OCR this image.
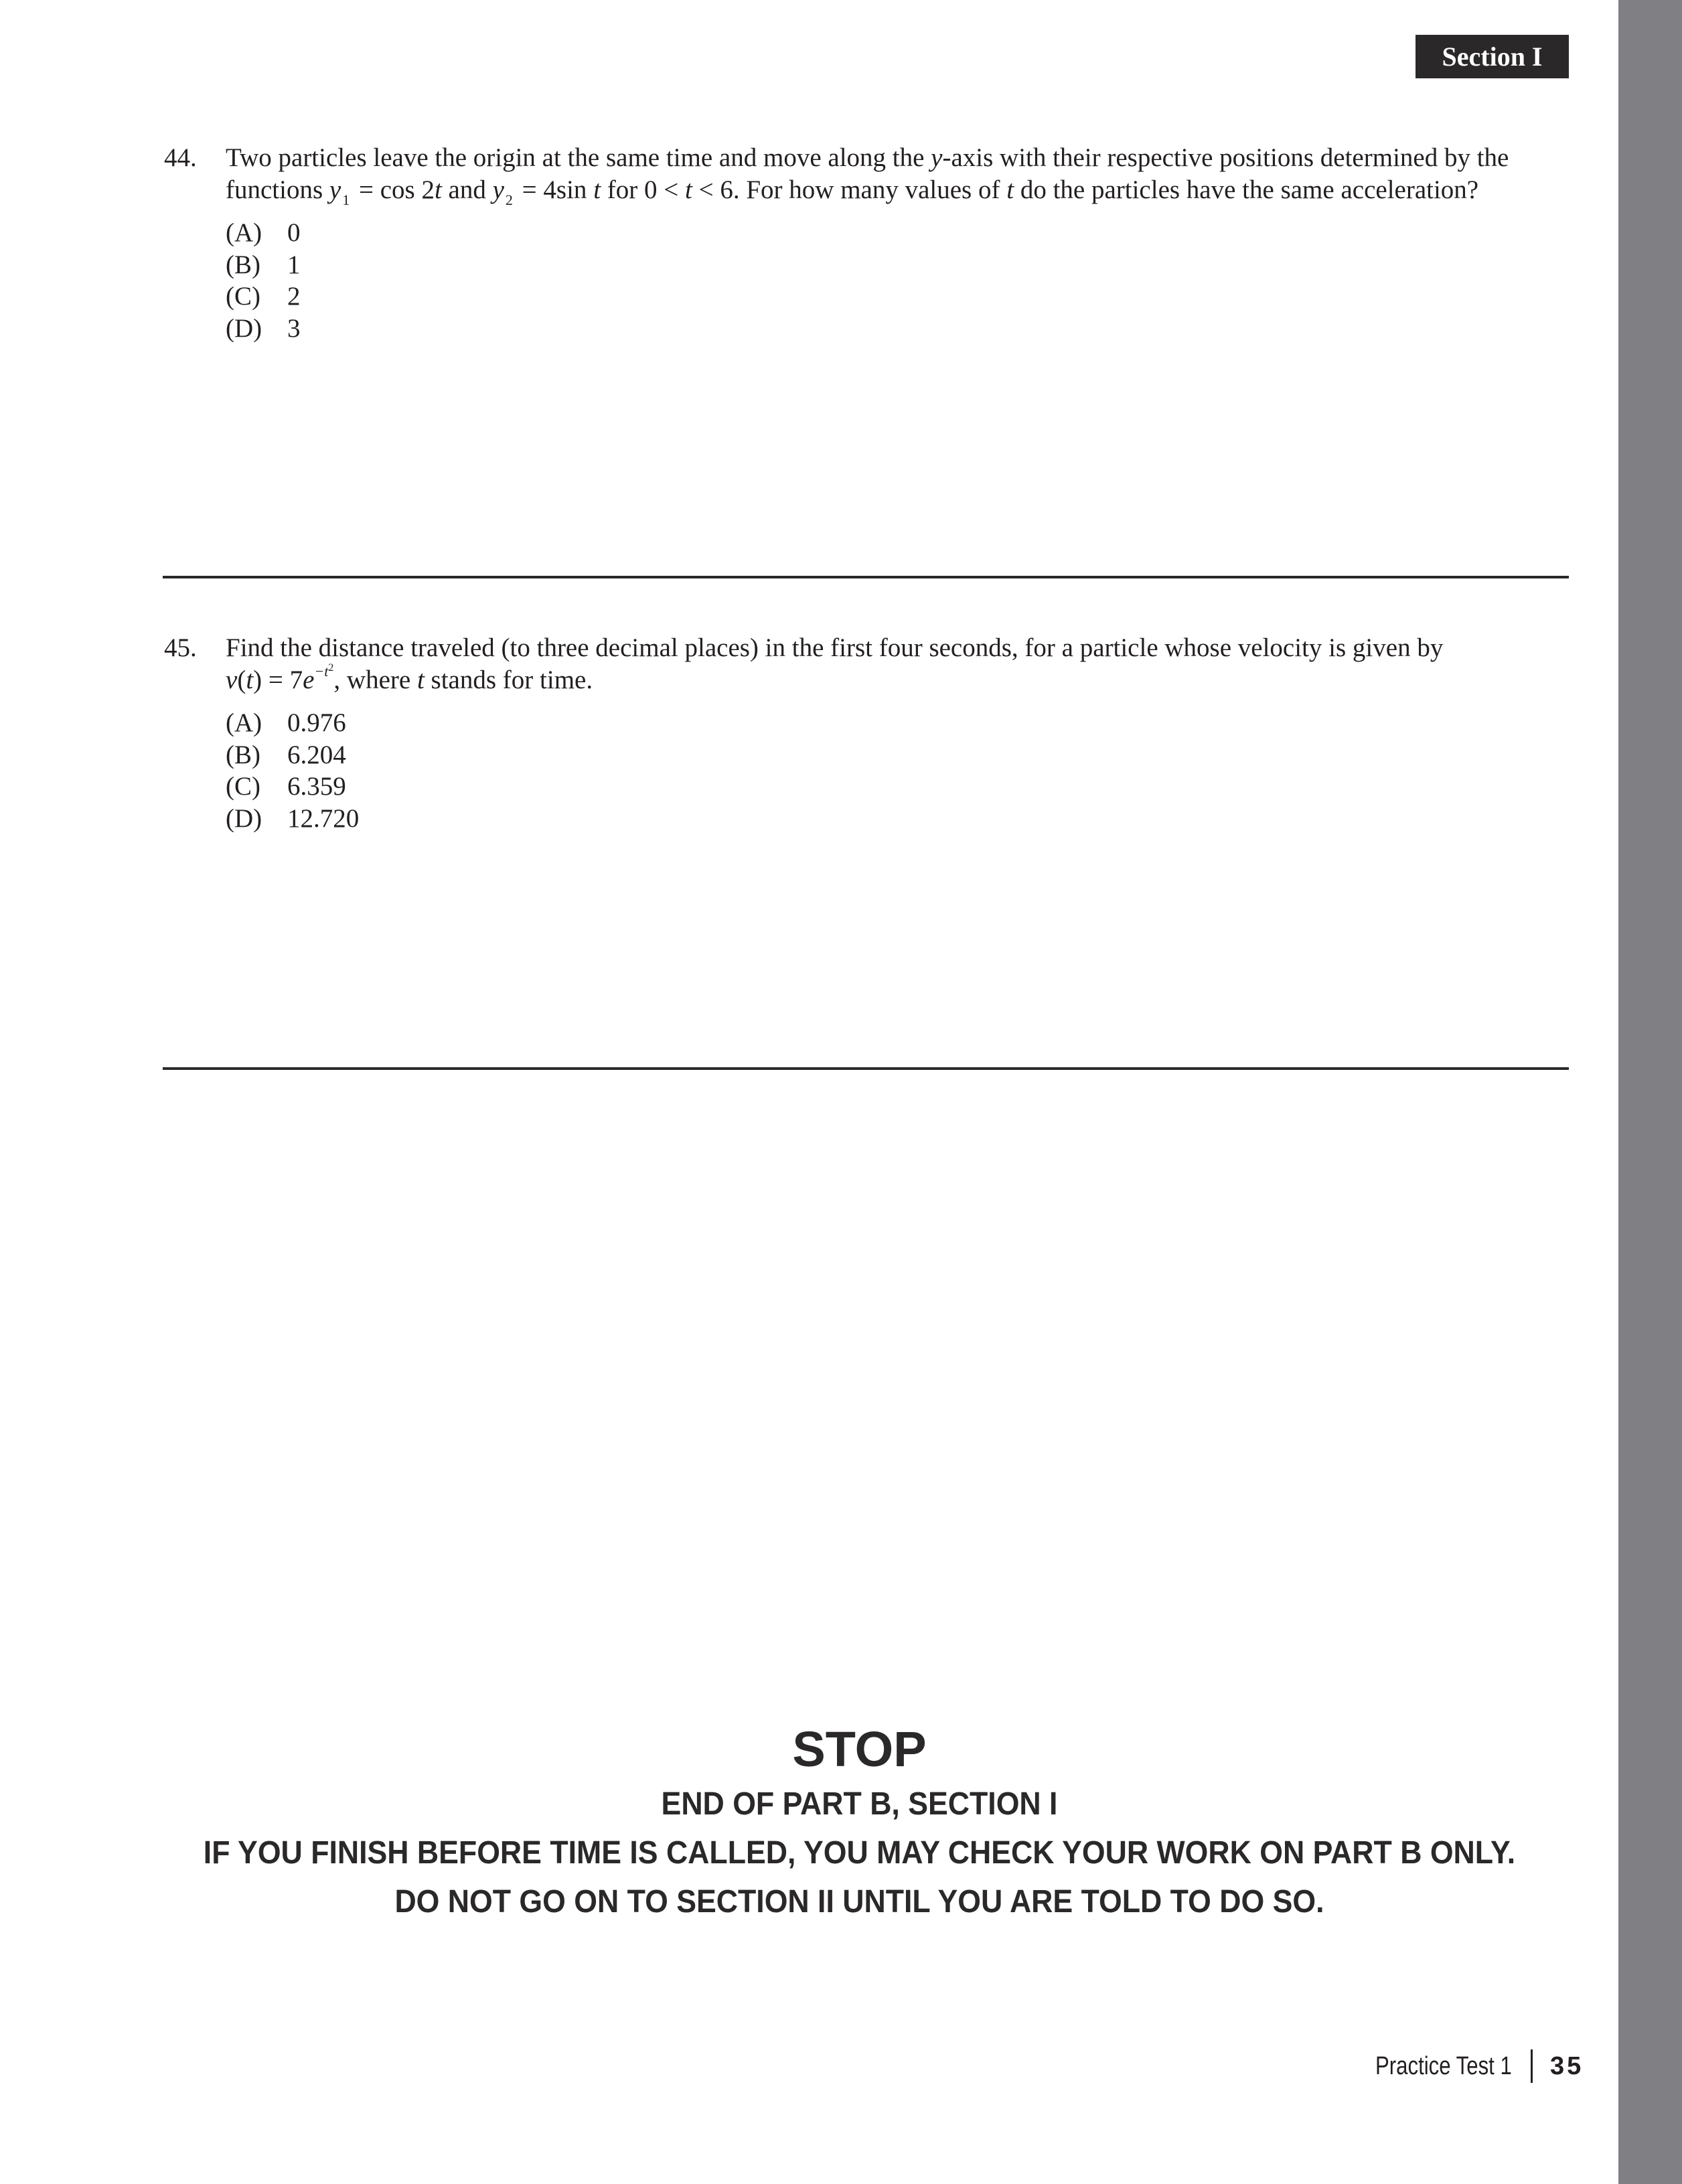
Section I
44. Two particles leave the origin at the same time and move along the y-axis with their respective positions determined by the
functions $y_1 = \cos 2t$ and $y_2 = 4\sin$ t for 0 < t < 6. For how many values of t do the particles have the same acceleration?
(A) 0
(B)	1
(C)	2
(D) 3
45. Find the distance traveled (to three decimal places) in the first four seconds, for a particle whose velocity is given by
$v(t) = 7e^{-t^2}$, where t stands for time.
(A) 0.976
(B)	6.204
(C)	6.359
(D) 12.720
STOP
END OF PART B, SECTION I
IF YOU FINISH BEFORE TIME IS CALLED, YOU MAY CHECK YOUR WORK ON PART B ONLY.
DO NOT GO ON TO SECTION II UNTIL YOU ARE TOLD TO DO SO.
Practice Test 1 35
